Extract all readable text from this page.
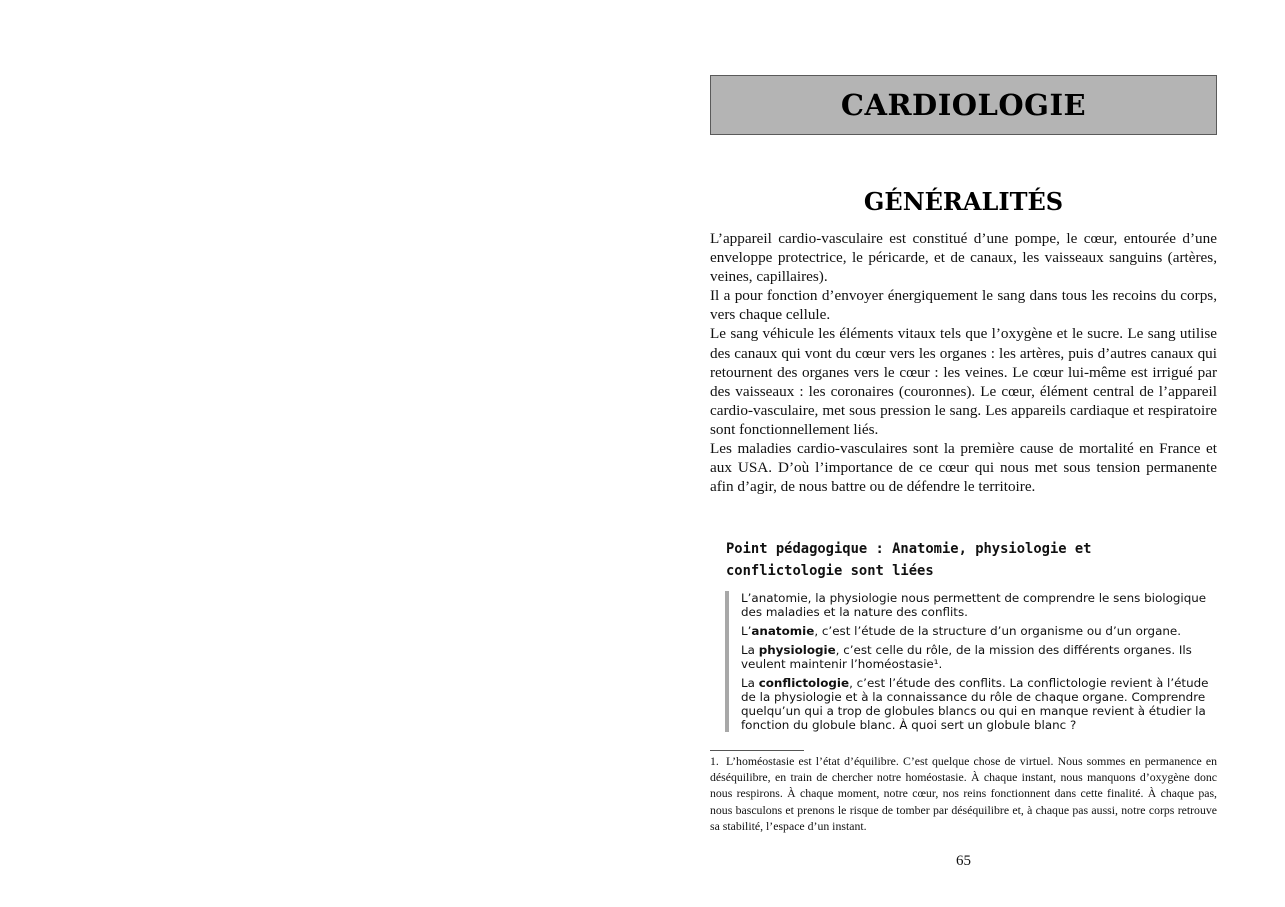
CARDIOLOGIE
GÉNÉRALITÉS

L’appareil cardio-vasculaire est constitué d’une pompe, le cœur, entourée d’une enveloppe protectrice, le péricarde, et de canaux, les vaisseaux sanguins (artères, veines, capillaires).

Il a pour fonction d’envoyer énergiquement le sang dans tous les recoins du corps, vers chaque cellule.

Le sang véhicule les éléments vitaux tels que l’oxygène et le sucre. Le sang utilise des canaux qui vont du cœur vers les organes : les artères, puis d’autres canaux qui retournent des organes vers le cœur : les veines. Le cœur lui-même est irrigué par des vaisseaux : les coronaires (couronnes). Le cœur, élément central de l’appareil cardio-vasculaire, met sous pression le sang. Les appareils cardiaque et respiratoire sont fonctionnellement liés.

Les maladies cardio-vasculaires sont la première cause de mortalité en France et aux USA. D’où l’importance de ce cœur qui nous met sous tension permanente afin d’agir, de nous battre ou de défendre le territoire.

Point pédagogique : Anatomie, physiologie et conflictologie sont liées

L’anatomie, la physiologie nous permettent de comprendre le sens biologique des maladies et la nature des conflits.

L’anatomie, c’est l’étude de la structure d’un organisme ou d’un organe.

La physiologie, c’est celle du rôle, de la mission des différents organes. Ils veulent maintenir l’homéostasie¹.

La conflictologie, c’est l’étude des conflits. La conflictologie revient à l’étude de la physiologie et à la connaissance du rôle de chaque organe. Comprendre quelqu’un qui a trop de globules blancs ou qui en manque revient à étudier la fonction du globule blanc. À quoi sert un globule blanc ?

1. L’homéostasie est l’état d’équilibre. C’est quelque chose de virtuel. Nous sommes en permanence en déséquilibre, en train de chercher notre homéostasie. À chaque instant, nous manquons d’oxygène donc nous respirons. À chaque moment, notre cœur, nos reins fonctionnent dans cette finalité. À chaque pas, nous basculons et prenons le risque de tomber par déséquilibre et, à chaque pas aussi, notre corps retrouve sa stabilité, l’espace d’un instant.
65
